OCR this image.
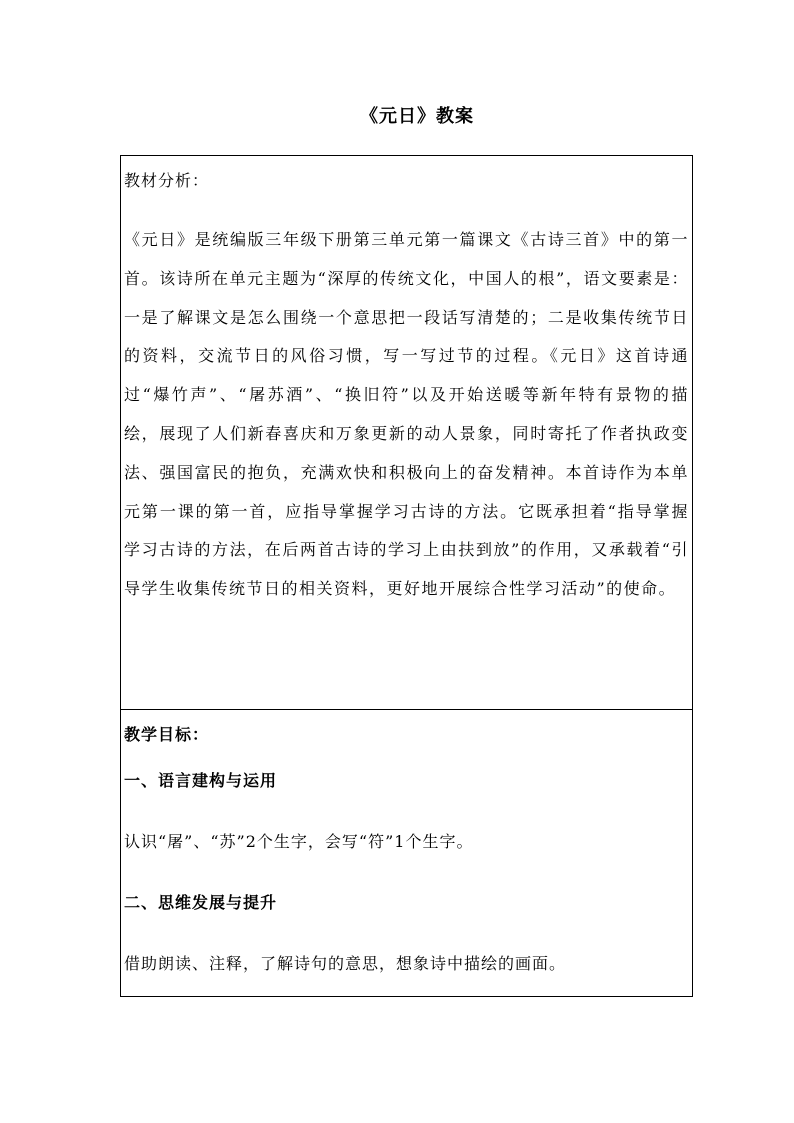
《元日》教案
教材分析：
《元日》是统编版三年级下册第三单元第一篇课文《古诗三首》中的第一首。该诗所在单元主题为“深厚的传统文化，中国人的根”，语文要素是：一是了解课文是怎么围绕一个意思把一段话写清楚的；二是收集传统节日的资料，交流节日的风俗习惯，写一写过节的过程。《元日》这首诗通过“爆竹声”、“屠苏酒”、“换旧符”以及开始送暖等新年特有景物的描绘，展现了人们新春喜庆和万象更新的动人景象，同时寄托了作者执政变法、强国富民的抱负，充满欢快和积极向上的奋发精神。本首诗作为本单元第一课的第一首，应指导掌握学习古诗的方法。它既承担着“指导掌握学习古诗的方法，在后两首古诗的学习上由扶到放”的作用，又承载着“引导学生收集传统节日的相关资料，更好地开展综合性学习活动”的使命。
教学目标：
一、语言建构与运用
认识“屠”、“苏”2个生字，会写“符”1个生字。
二、思维发展与提升
借助朗读、注释，了解诗句的意思，想象诗中描绘的画面。
